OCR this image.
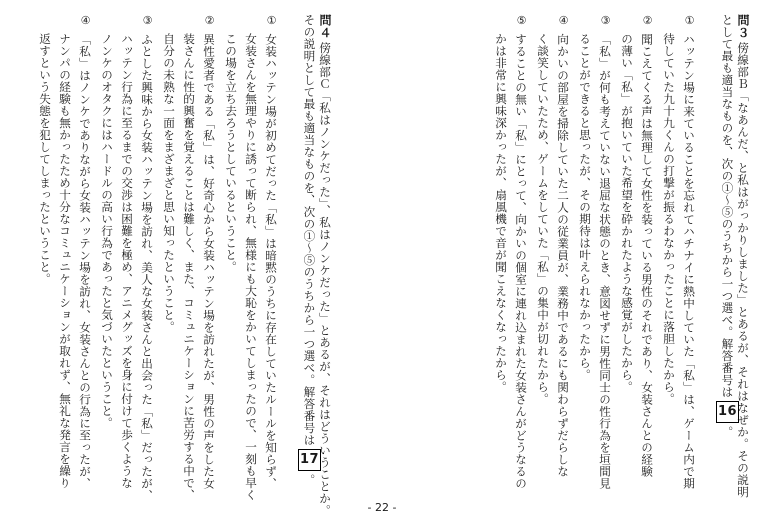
問３
傍線部Ｂ「なあんだ、と私はがっかりしました」とあるが、それはなぜか。その説明
として最も適当なものを、次の①〜⑤のうちから一つ選べ。解答番号は16。
①ハッテン場に来ていることを忘れてハチナイに熱中していた「私」は、ゲーム内で期
待していた九十九くんの打撃が振るわなかったことに落胆したから。
②聞こえてくる声は無理して女性を装っている男性のそれであり、女装さんとの経験
の薄い「私」が抱いていた希望を砕かれたような感覚がしたから。
③「私」が何も考えていない退屈な状態のとき、意図せずに男性同士の性行為を垣間見
ることができると思ったが、その期待は叶えられなかったから。
④向かいの部屋を掃除していた二人の従業員が、業務中であるにも関わらずだらしな
く談笑していたため、ゲームをしていた「私」の集中が切れたから。
⑤することの無い「私」にとって、向かいの個室に連れ込まれた女装さんがどうなるの
かは非常に興味深かったが、扇風機で音が聞こえなくなったから。
問４
傍線部Ｃ「私はノンケだった」、私はノンケだった」とあるが、それはどういうことか。
その説明として最も適当なものを、次の①〜⑤のうちから一つ選べ。解答番号は17。
①女装ハッテン場が初めてだった「私」は暗黙のうちに存在していたルールを知らず、
女装さんを無理やりに誘って断られ、無様にも大恥をかいてしまったので、一刻も早く
この場を立ち去ろうとしているということ。
②異性愛者である「私」は、好奇心から女装ハッテン場を訪れたが、男性の声をした女
装さんに性的興奮を覚えることは難しく、また、コミュニケーションに苦労する中で、
自分の未熟な一面をまざまざと思い知ったということ。
③ふとした興味から女装ハッテン場を訪れ、美人な女装さんと出会った「私」だったが、
ハッテン行為に至るまでの交渉は困難を極め、アニメグッズを身に付けて歩くような
ノンケのオタクにはハードルの高い行為であったと気づいたということ。
④「私」はノンケでありながら女装ハッテン場を訪れ、女装さんとの行為に至ったが、
ナンパの経験も無かったため十分なコミュニケーションが取れず、無礼な発言を繰り
返すという失態を犯してしまったということ。
- 22 -
